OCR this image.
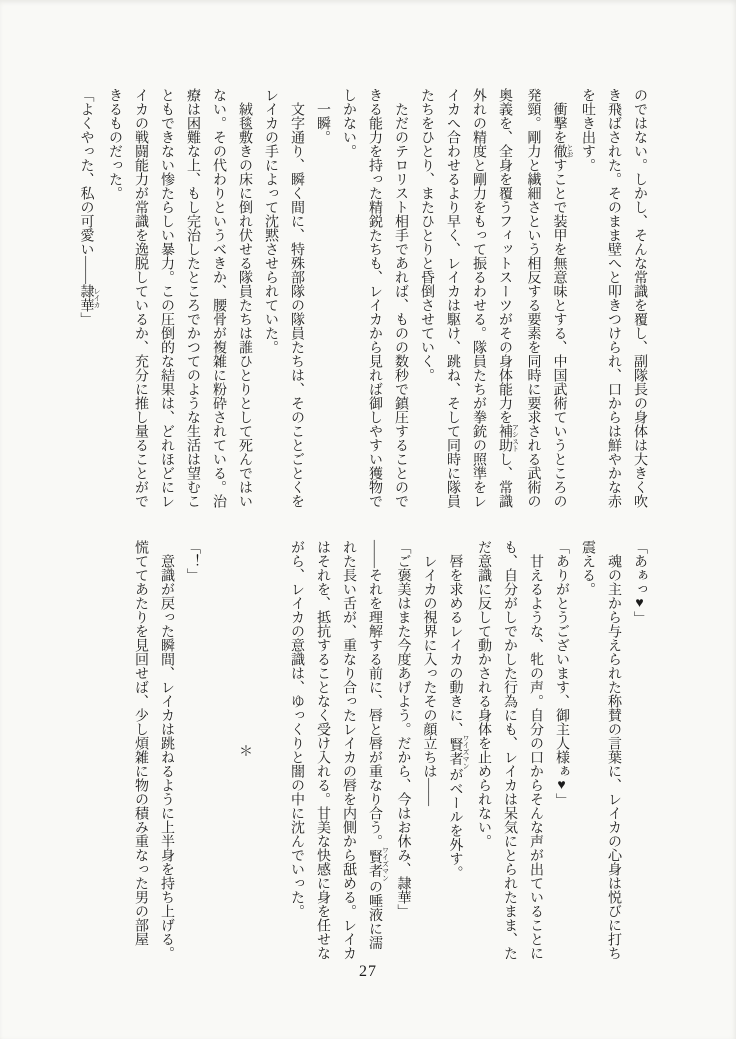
のではない。しかし、そんな常識を覆し、副隊長の身体は大きく吹

き飛ばされた。そのまま壁へと叩きつけられ、口からは鮮やかな赤

を吐き出す。

　衝撃を徹 とおすことで装甲を無意味とする、中国武術ていうところの

発頸。剛力と繊細さという相反する要素を同時に要求される武術の

奥義を、全身を覆うフィットスーツがその身体能力を補助 アシストし、常識

外れの精度と剛力をもって振るわせる。隊員たちが拳銃の照準をレ

イカへ合わせるより早く、レイカは駆け、跳ね、そして同時に隊員

たちをひとり、またひとりと昏倒させていく。

　ただのテロリスト相手であれば、ものの数秒で鎮圧することので

きる能力を持った精鋭たちも、レイカから見れば御しやすい獲物で

しかない。

　一瞬。

　文字通り、瞬く間に、特殊部隊の隊員たちは、そのことごとくを

レイカの手によって沈黙させられていた。

　絨毯敷きの床に倒れ伏せる隊員たちは誰ひとりとして死んではい

ない。その代わりというべきか、腰骨が複雑に粉砕されている。治

療は困難な上、もし完治したところでかつてのような生活は望むこ

ともできない惨たらしい暴力。この圧倒的な結果は、どれほどにレ

イカの戦闘能力が常識を逸脱しているか、充分に推し量ることがで

きるものだった。

「よくやった、私の可愛い――隷華 レイカ」

「あぁっ♥」

　魂の主から与えられた称賛の言葉に、レイカの心身は悦びに打ち

震える。

「ありがとうございます、御主人様ぁ♥」

　甘えるような、牝の声。自分の口からそんな声が出ていることに

も、自分がしでかした行為にも、レイカは呆気にとられたまま、た

だ意識に反して動かされる身体を止められない。

　唇を求めるレイカの動きに、賢者 ワイズマンがベールを外す。

　レイカの視界に入ったその顔立ちは――

「ご褒美はまた今度あげよう。だから、今はお休み、隷華」

――それを理解する前に、唇と唇が重なり合う。賢者 ワイズマンの唾液に濡

れた長い舌が、重なり合ったレイカの唇を内側から舐める。レイカ

はそれを、抵抗することなく受け入れる。甘美な快感に身を任せな

がら、レイカの意識は、ゆっくりと闇の中に沈んでいった。

＊

「！」

　意識が戻った瞬間、レイカは跳ねるように上半身を持ち上げる。

慌ててあたりを見回せば、少し煩雑に物の積み重なった男の部屋

27
